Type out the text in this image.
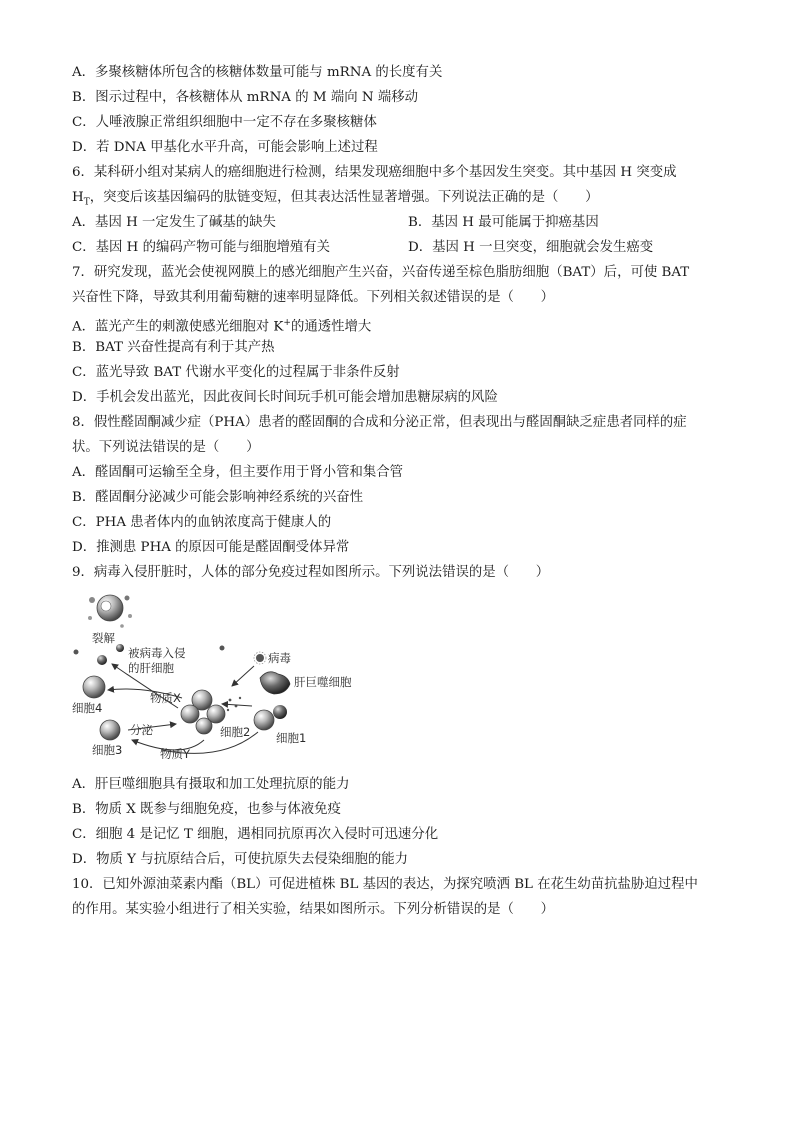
A．多聚核糖体所包含的核糖体数量可能与 mRNA 的长度有关
B．图示过程中，各核糖体从 mRNA 的 M 端向 N 端移动
C．人唾液腺正常组织细胞中一定不存在多聚核糖体
D．若 DNA 甲基化水平升高，可能会影响上述过程
6．某科研小组对某病人的癌细胞进行检测，结果发现癌细胞中多个基因发生突变。其中基因 H 突变成
$H_T$，突变后该基因编码的肽链变短，但其表达活性显著增强。下列说法正确的是（　　）
A．基因 H 一定发生了碱基的缺失	B．基因 H 最可能属于抑癌基因
C．基因 H 的编码产物可能与细胞增殖有关	D．基因 H 一旦突变，细胞就会发生癌变
7．研究发现，蓝光会使视网膜上的感光细胞产生兴奋，兴奋传递至棕色脂肪细胞（BAT）后，可使 BAT
兴奋性下降，导致其利用葡萄糖的速率明显降低。下列相关叙述错误的是（　　）
A．蓝光产生的刺激使感光细胞对 K+的通透性增大
B．BAT 兴奋性提高有利于其产热
C．蓝光导致 BAT 代谢水平变化的过程属于非条件反射
D．手机会发出蓝光，因此夜间长时间玩手机可能会增加患糖尿病的风险
8．假性醛固酮减少症（PHA）患者的醛固酮的合成和分泌正常，但表现出与醛固酮缺乏症患者同样的症
状。下列说法错误的是（　　）
A．醛固酮可运输至全身，但主要作用于肾小管和集合管
B．醛固酮分泌减少可能会影响神经系统的兴奋性
C．PHA 患者体内的血钠浓度高于健康人的
D．推测患 PHA 的原因可能是醛固酮受体异常
9．病毒入侵肝脏时，人体的部分免疫过程如图所示。下列说法错误的是（　　）
裂解
被病毒入侵
的肝细胞
病毒
肝巨噬细胞
细胞4
物质X
细胞2 细胞1
细胞3
分泌
物质Y
A．肝巨噬细胞具有摄取和加工处理抗原的能力
B．物质 X 既参与细胞免疫，也参与体液免疫
C．细胞 4 是记忆 T 细胞，遇相同抗原再次入侵时可迅速分化
D．物质 Y 与抗原结合后，可使抗原失去侵染细胞的能力
10．已知外源油菜素内酯（BL）可促进植株 BL 基因的表达，为探究喷洒 BL 在花生幼苗抗盐胁迫过程中
的作用。某实验小组进行了相关实验，结果如图所示。下列分析错误的是（　　）
